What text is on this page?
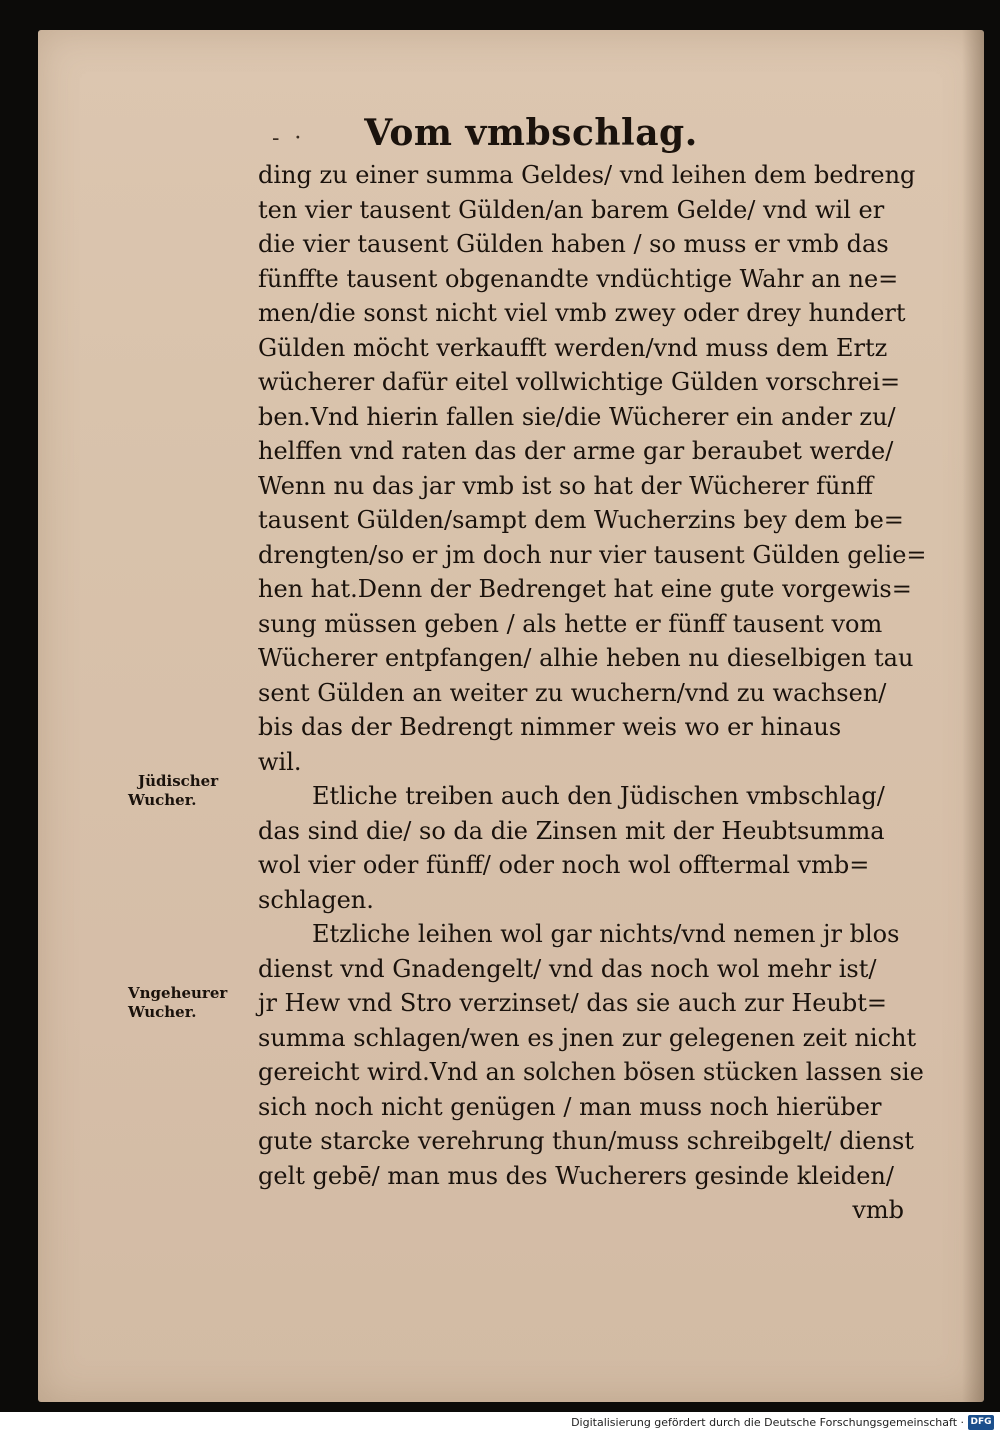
- ·	Vom vmbschlag.
ding zu einer summa Geldes/ vnd leihen dem bedreng
ten vier tausent Gülden/an barem Gelde/ vnd wil er
die vier tausent Gülden haben / so muss er vmb das
fünffte tausent obgenandte vndüchtige Wahr an ne=
men/die sonst nicht viel vmb zwey oder drey hundert
Gülden möcht verkaufft werden/vnd muss dem Ertz
wücherer dafür eitel vollwichtige Gülden vorschrei=
ben.Vnd hierin fallen sie/die Wücherer ein ander zu/
helffen vnd raten das der arme gar beraubet werde/
Wenn nu das jar vmb ist so hat der Wücherer fünff
tausent Gülden/sampt dem Wucherzins bey dem be=
drengten/so er jm doch nur vier tausent Gülden gelie=
hen hat.Denn der Bedrenget hat eine gute vorgewis=
sung müssen geben / als hette er fünff tausent vom
Wücherer entpfangen/ alhie heben nu dieselbigen tau
sent Gülden an weiter zu wuchern/vnd zu wachsen/
bis das der Bedrengt nimmer weis wo er hinaus
wil.
Etliche treiben auch den Jüdischen vmbschlag/
das sind die/ so da die Zinsen mit der Heubtsumma
wol vier oder fünff/ oder noch wol offtermal vmb=
schlagen.
Etzliche leihen wol gar nichts/vnd nemen jr blos
dienst vnd Gnadengelt/ vnd das noch wol mehr ist/
jr Hew vnd Stro verzinset/ das sie auch zur Heubt=
summa schlagen/wen es jnen zur gelegenen zeit nicht
gereicht wird.Vnd an solchen bösen stücken lassen sie
sich noch nicht genügen / man muss noch hierüber
gute starcke verehrung thun/muss schreibgelt/ dienst
gelt gebē/ man mus des Wucherers gesinde kleiden/
vmb
Jüdischer
Wucher.
Vngeheurer
Wucher.
Digitalisierung gefördert durch die Deutsche Forschungsgemeinschaft · DFG
